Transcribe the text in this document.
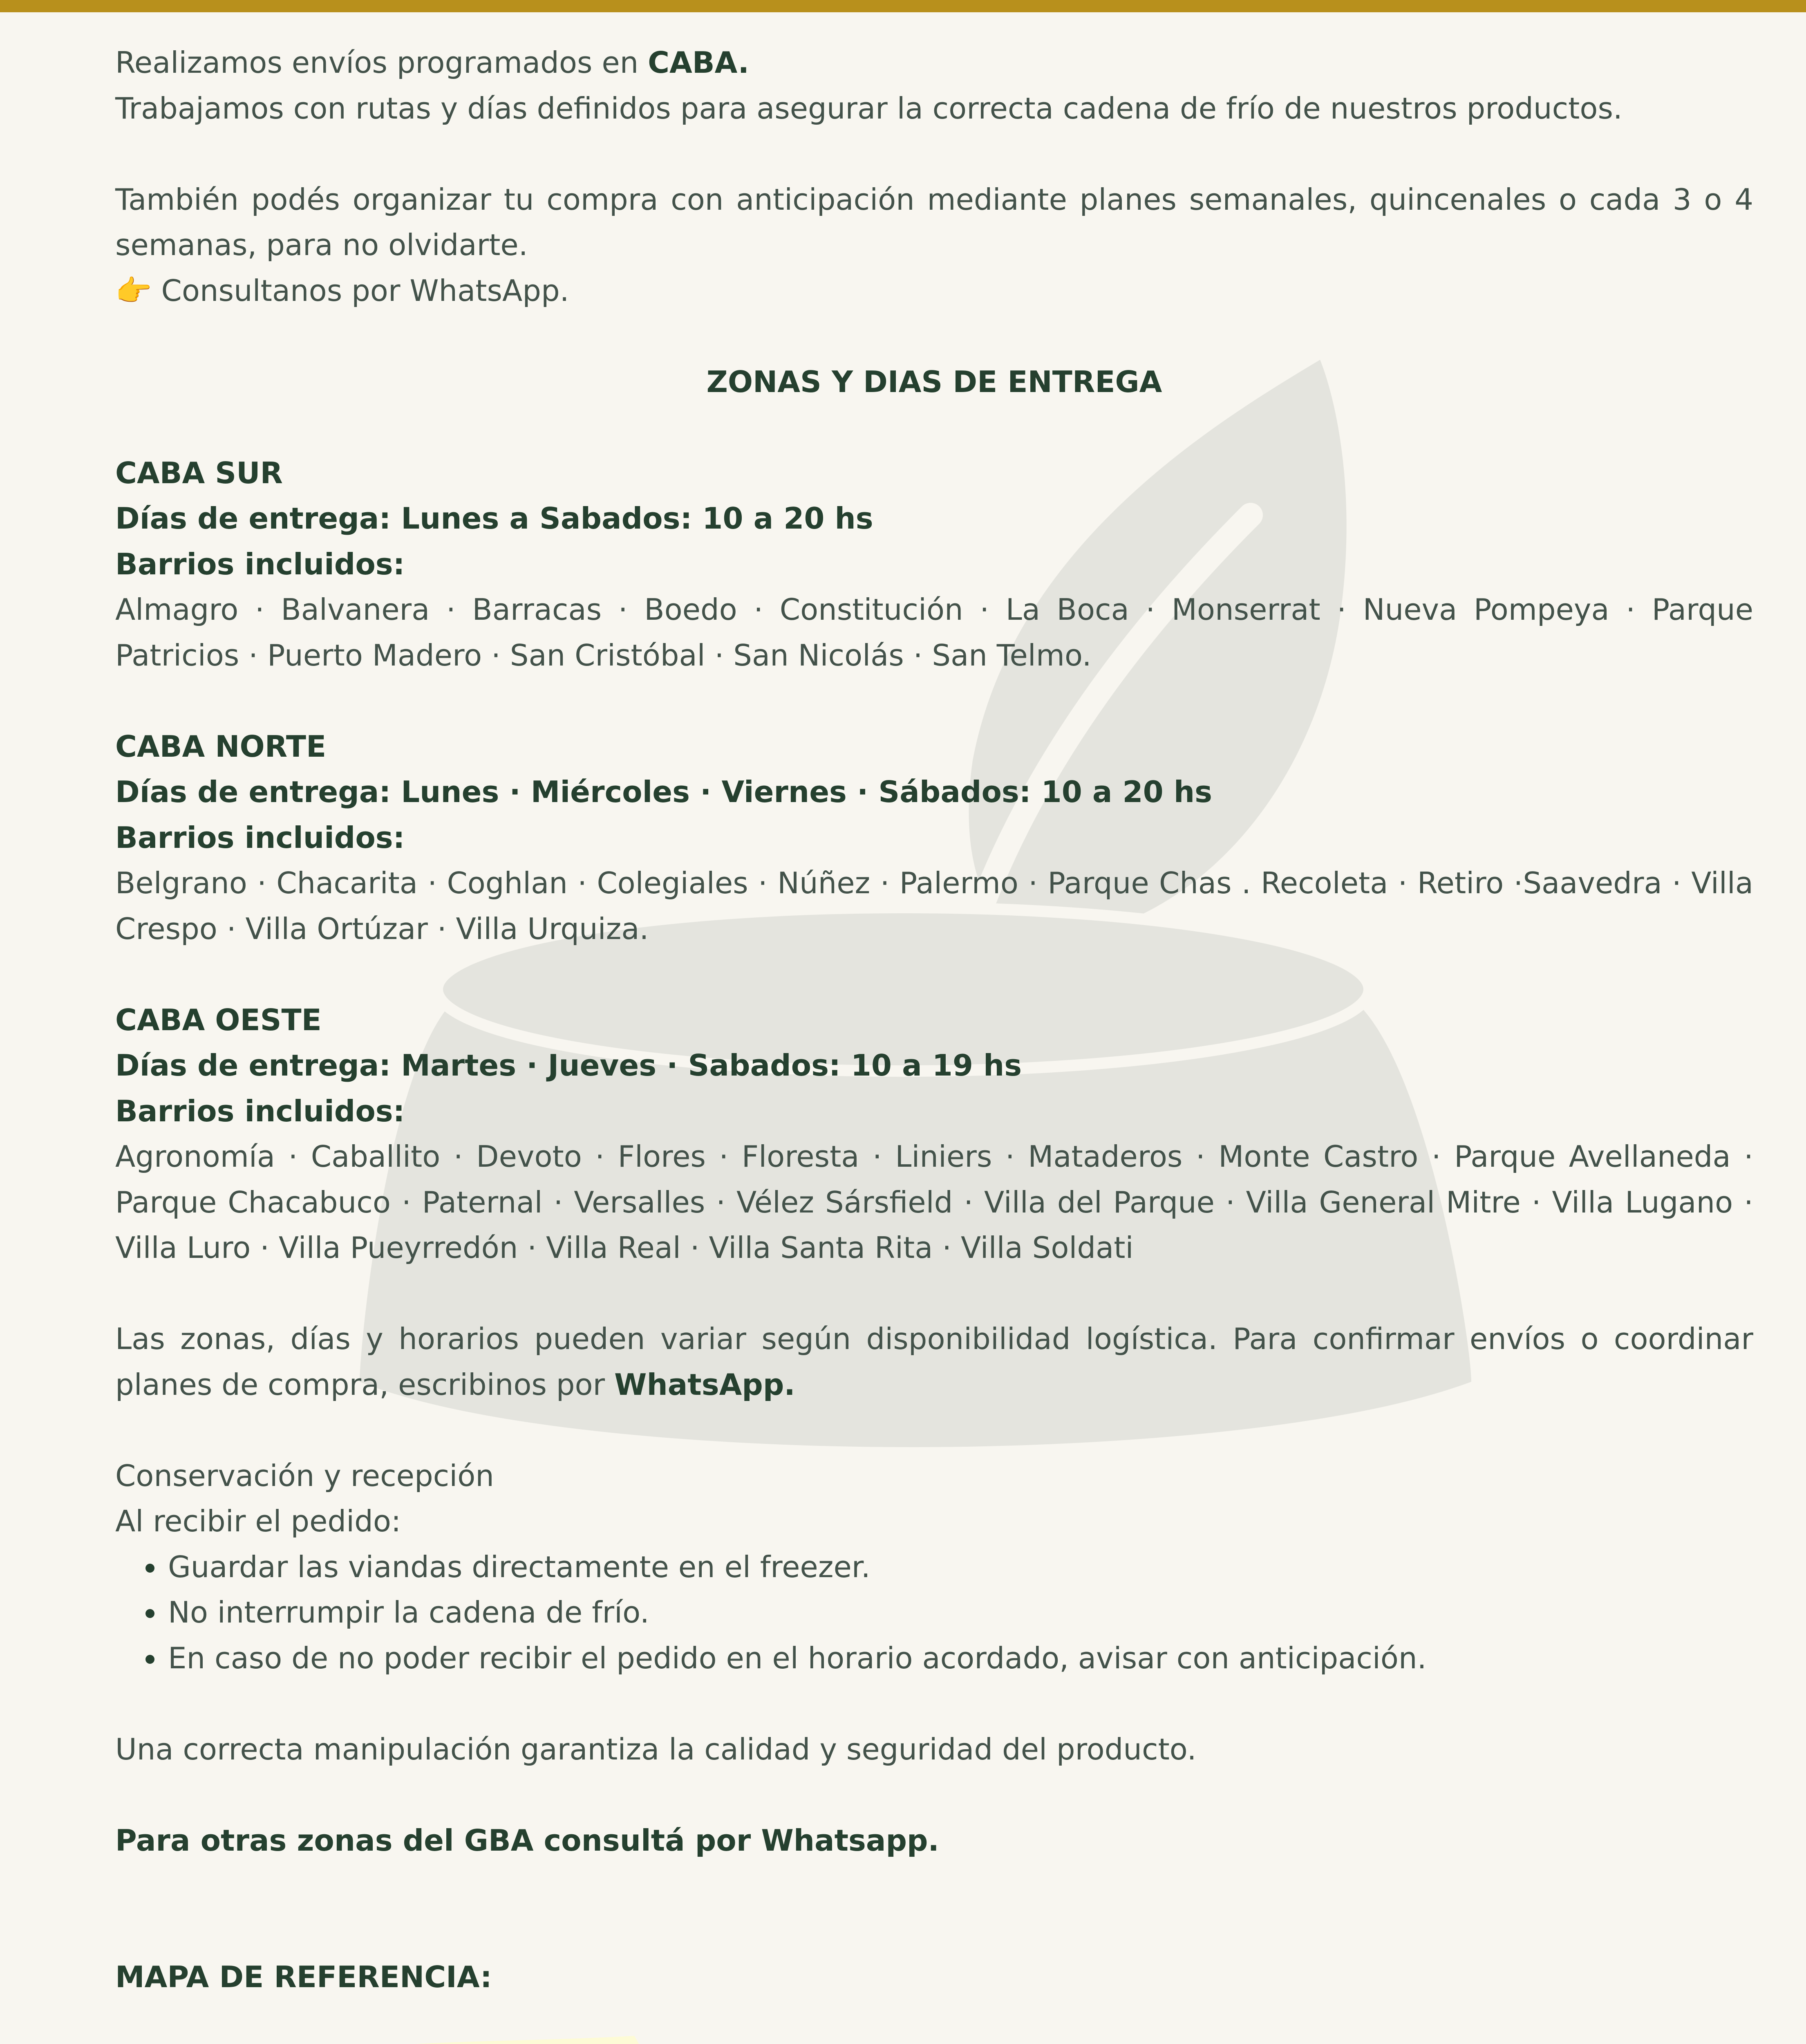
Realizamos envíos programados en CABA.

Trabajamos con rutas y días definidos para asegurar la correcta cadena de frío de nuestros productos.

También podés organizar tu compra con anticipación mediante planes semanales, quincenales o cada 3 o 4 semanas, para no olvidarte.

👉 Consultanos por WhatsApp.

ZONAS Y DIAS DE ENTREGA

CABA SUR

Días de entrega: Lunes a Sabados: 10 a 20 hs

Barrios incluidos:

Almagro · Balvanera · Barracas · Boedo · Constitución · La Boca · Monserrat · Nueva Pompeya · Parque Patricios · Puerto Madero · San Cristóbal · San Nicolás · San Telmo.

CABA NORTE

Días de entrega: Lunes · Miércoles · Viernes · Sábados: 10 a 20 hs

Barrios incluidos:

Belgrano · Chacarita · Coghlan · Colegiales · Núñez · Palermo · Parque Chas . Recoleta · Retiro ·Saavedra · Villa Crespo · Villa Ortúzar · Villa Urquiza.

CABA OESTE

Días de entrega: Martes · Jueves · Sabados: 10 a 19 hs

Barrios incluidos:

Agronomía · Caballito · Devoto · Flores · Floresta · Liniers · Mataderos · Monte Castro · Parque Avellaneda · Parque Chacabuco · Paternal · Versalles · Vélez Sársfield · Villa del Parque · Villa General Mitre · Villa Lugano · Villa Luro · Villa Pueyrredón · Villa Real · Villa Santa Rita · Villa Soldati

Las zonas, días y horarios pueden variar según disponibilidad logística. Para confirmar envíos o coordinar planes de compra, escribinos por WhatsApp.

Conservación y recepción

Al recibir el pedido:

• Guardar las viandas directamente en el freezer.
• No interrumpir la cadena de frío.
• En caso de no poder recibir el pedido en el horario acordado, avisar con anticipación.

Una correcta manipulación garantiza la calidad y seguridad del producto.

Para otras zonas del GBA consultá por Whatsapp.

MAPA DE REFERENCIA:
